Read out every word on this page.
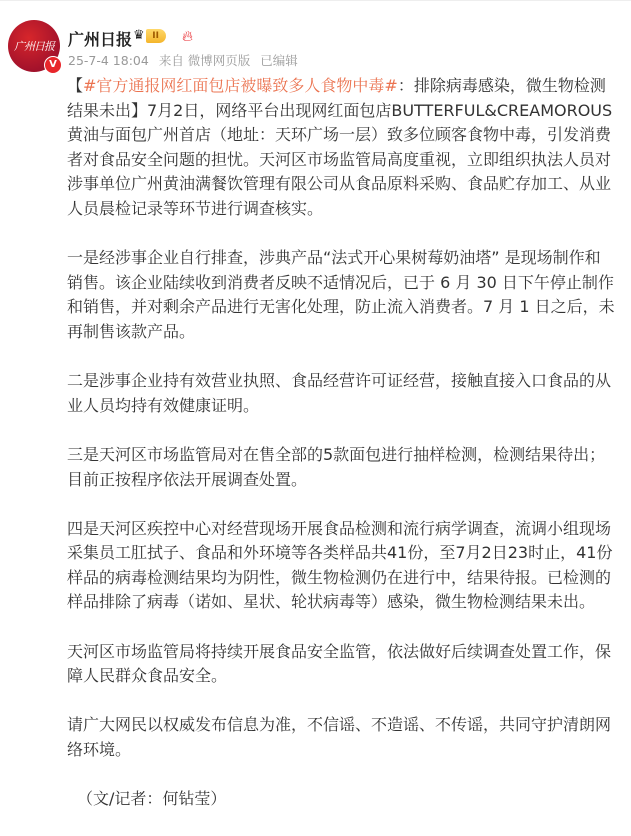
广州日报
V
广州日报 ♛ II	🔥︎
25-7-4 18:04 来自 微博网页版 已编辑

【#官方通报网红面包店被曝致多人食物中毒#：排除病毒感染，微生物检测结果未出】7月2日，网络平台出现网红面包店BUTTERFUL&CREAMOROUS黄油与面包广州首店（地址：天环广场一层）致多位顾客食物中毒，引发消费者对食品安全问题的担忧。天河区市场监管局高度重视，立即组织执法人员对涉事单位广州黄油满餐饮管理有限公司从食品原料采购、食品贮存加工、从业人员晨检记录等环节进行调查核实。

一是经涉事企业自行排查，涉典产品“法式开心果树莓奶油塔” 是现场制作和销售。该企业陆续收到消费者反映不适情况后，已于 6 月 30 日下午停止制作和销售，并对剩余产品进行无害化处理，防止流入消费者。7 月 1 日之后，未再制售该款产品。

二是涉事企业持有效营业执照、食品经营许可证经营，接触直接入口食品的从业人员均持有效健康证明。

三是天河区市场监管局对在售全部的5款面包进行抽样检测，检测结果待出；目前正按程序依法开展调查处置。

四是天河区疾控中心对经营现场开展食品检测和流行病学调查，流调小组现场采集员工肛拭子、食品和外环境等各类样品共41份，至7月2日23时止，41份样品的病毒检测结果均为阴性，微生物检测仍在进行中，结果待报。已检测的样品排除了病毒（诺如、星状、轮状病毒等）感染，微生物检测结果未出。

天河区市场监管局将持续开展食品安全监管，依法做好后续调查处置工作，保障人民群众食品安全。

请广大网民以权威发布信息为准，不信谣、不造谣、不传谣，共同守护清朗网络环境。

（文/记者：何钻莹）
